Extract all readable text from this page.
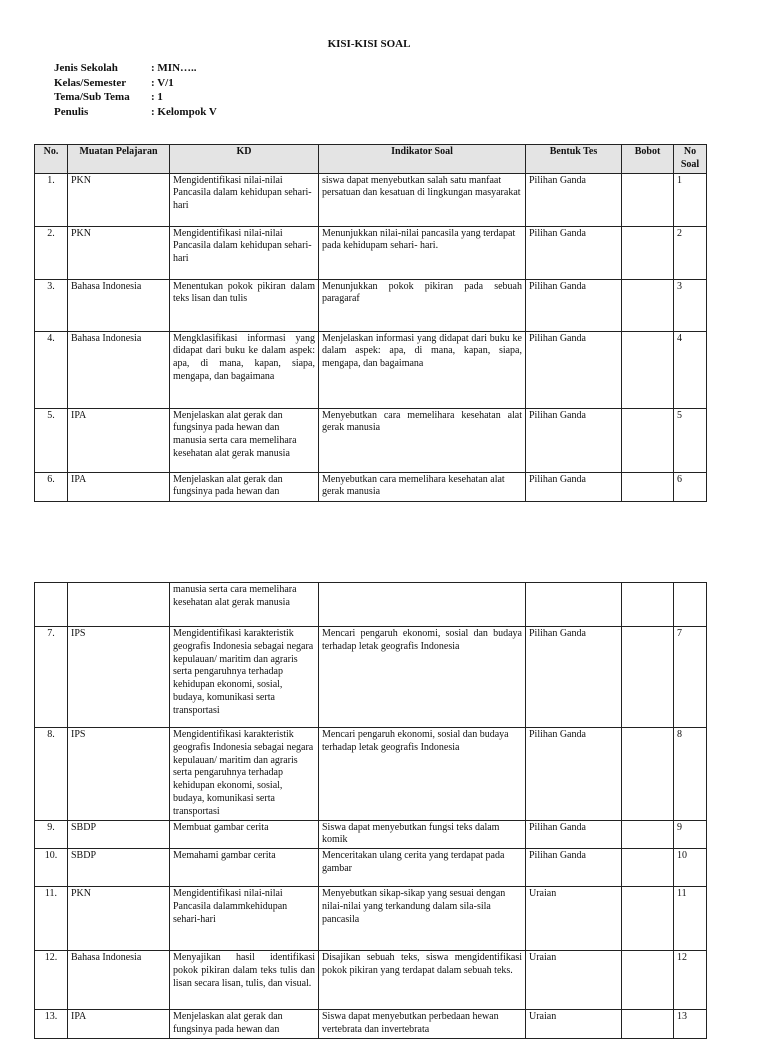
KISI-KISI SOAL
Jenis Sekolah	: MIN…..
Kelas/Semester	: V/1
Tema/Sub Tema	: 1
Penulis	: Kelompok V
No.	Muatan Pelajaran	KD	Indikator Soal	Bentuk Tes	Bobot	No Soal
1.	PKN	Mengidentifikasi nilai-nilai Pancasila dalam kehidupan sehari-hari	siswa dapat menyebutkan salah satu manfaat persatuan dan kesatuan di lingkungan masyarakat	Pilihan Ganda		1
2.	PKN	Mengidentifikasi nilai-nilai Pancasila dalam kehidupan sehari-hari	Menunjukkan nilai-nilai pancasila yang terdapat pada kehidupam sehari- hari.	Pilihan Ganda		2
3.	Bahasa Indonesia	Menentukan pokok pikiran dalam teks lisan dan tulis	Menunjukkan pokok pikiran pada sebuah paragaraf	Pilihan Ganda		3
4.	Bahasa Indonesia	Mengklasifikasi informasi yang didapat dari buku ke dalam aspek: apa, di mana, kapan, siapa, mengapa, dan bagaimana	Menjelaskan informasi yang didapat dari buku ke dalam aspek: apa, di mana, kapan, siapa, mengapa, dan bagaimana	Pilihan Ganda		4
5.	IPA	Menjelaskan alat gerak dan fungsinya pada hewan dan manusia serta cara memelihara kesehatan alat gerak manusia	Menyebutkan cara memelihara kesehatan alat gerak manusia	Pilihan Ganda		5
6.	IPA	Menjelaskan alat gerak dan fungsinya pada hewan dan	Menyebutkan cara memelihara kesehatan alat gerak manusia	Pilihan Ganda		6
		manusia serta cara memelihara kesehatan alat gerak manusia				
7.	IPS	Mengidentifikasi karakteristik geografis Indonesia sebagai negara kepulauan/ maritim dan agraris serta pengaruhnya terhadap kehidupan ekonomi, sosial, budaya, komunikasi serta transportasi	Mencari pengaruh ekonomi, sosial dan budaya terhadap letak geografis Indonesia	Pilihan Ganda		7
8.	IPS	Mengidentifikasi karakteristik geografis Indonesia sebagai negara kepulauan/ maritim dan agraris serta pengaruhnya terhadap kehidupan ekonomi, sosial, budaya, komunikasi serta transportasi	Mencari pengaruh ekonomi, sosial dan budaya terhadap letak geografis Indonesia	Pilihan Ganda		8
9.	SBDP	Membuat gambar cerita	Siswa dapat menyebutkan fungsi teks dalam komik	Pilihan Ganda		9
10.	SBDP	Memahami gambar cerita	Menceritakan ulang cerita yang terdapat pada gambar	Pilihan Ganda		10
11.	PKN	Mengidentifikasi nilai-nilai Pancasila dalammkehidupan sehari-hari	Menyebutkan sikap-sikap yang sesuai dengan nilai-nilai yang terkandung dalam sila-sila pancasila	Uraian		11
12.	Bahasa Indonesia	Menyajikan hasil identifikasi pokok pikiran dalam teks tulis dan lisan secara lisan, tulis, dan visual.	Disajikan sebuah teks, siswa mengidentifikasi pokok pikiran yang terdapat dalam sebuah teks.	Uraian		12
13.	IPA	Menjelaskan alat gerak dan fungsinya pada hewan dan	Siswa dapat menyebutkan perbedaan hewan vertebrata dan invertebrata	Uraian		13
